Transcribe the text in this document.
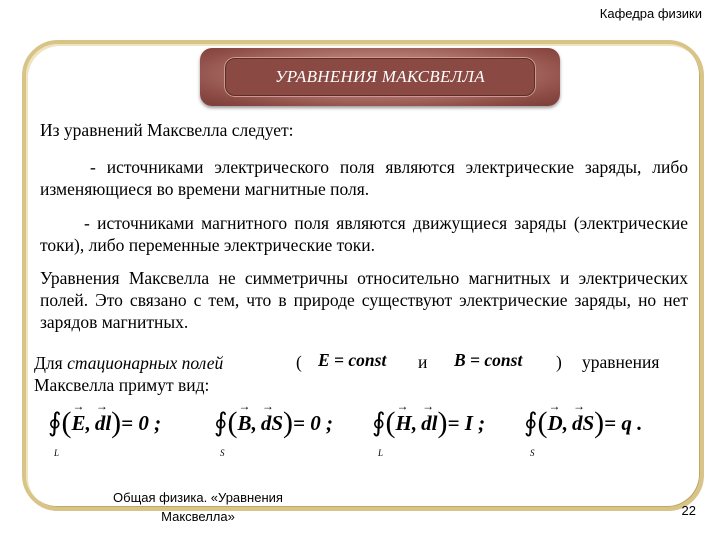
Кафедра физики
УРАВНЕНИЯ МАКСВЕЛЛА

Из уравнений Максвелла следует:

- источниками электрического поля являются электрические заряды, либо изменяющиеся во времени магнитные поля.

- источниками магнитного поля являются движущиеся заряды (электрические токи), либо переменные электрические токи.

Уравнения Максвелла не симметричны относительно магнитных и электрических полей. Это связано с тем, что в природе существуют электрические заряды, но нет зарядов магнитных.

Для стационарных полей	( E = const и B = const ) уравнения
Максвелла примут вид:
∮
L
( → E , → dl ) = 0 ; ∮
S
( → B , → dS ) = 0 ; ∮
L
( → H , → dl ) = I ; ∮
S
( → D , → dS ) = q .
Общая физика. «Уравнения Максвелла»	22
